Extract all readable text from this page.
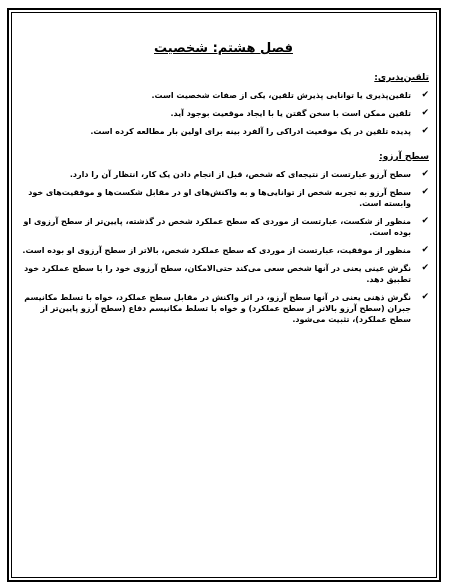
فصل هشتم: شخصیت
تلقین‌پذیری:
✔
تلقین‌پذیری یا توانایی پذیرش تلقین، یکی از صفات شخصیت است.
✔
تلقین ممکن است با سخن گفتن یا با ایجاد موقعیت بوجود آید.
✔
پدیده تلقین در یک موقعیت ادراکی را آلفرد بینه برای اولین بار مطالعه کرده است.
سطح آرزو:
✔
سطح آرزو عبارتست از نتیجه‌ای که شخص، قبل از انجام دادن یک کار، انتظار آن را دارد.
✔
سطح آرزو به تجربه شخص از توانایی‌ها و به واکنش‌های او در مقابل شکست‌ها و موفقیت‌های خود وابسته است.
✔
منظور از شکست، عبارتست از موردی که سطح عملکرد شخص در گذشته، پایین‌تر از سطح آرزوی او بوده است.
✔
منظور از موفقیت، عبارتست از موردی که سطح عملکرد شخص، بالاتر از سطح آرزوی او بوده است.
✔
نگرش عینی یعنی در آنها شخص سعی می‌کند حتی‌الامکان، سطح آرزوی خود را با سطح عملکرد خود تطبیق دهد.
✔
نگرش ذهنی یعنی در آنها سطح آرزو، در اثر واکنش در مقابل سطح عملکرد، خواه با تسلط مکانیسم جبران (سطح آرزو بالاتر از سطح عملکرد) و خواه با تسلط مکانیسم دفاع (سطح آرزو پایین‌تر از سطح عملکرد)، تثبیت می‌شود.
